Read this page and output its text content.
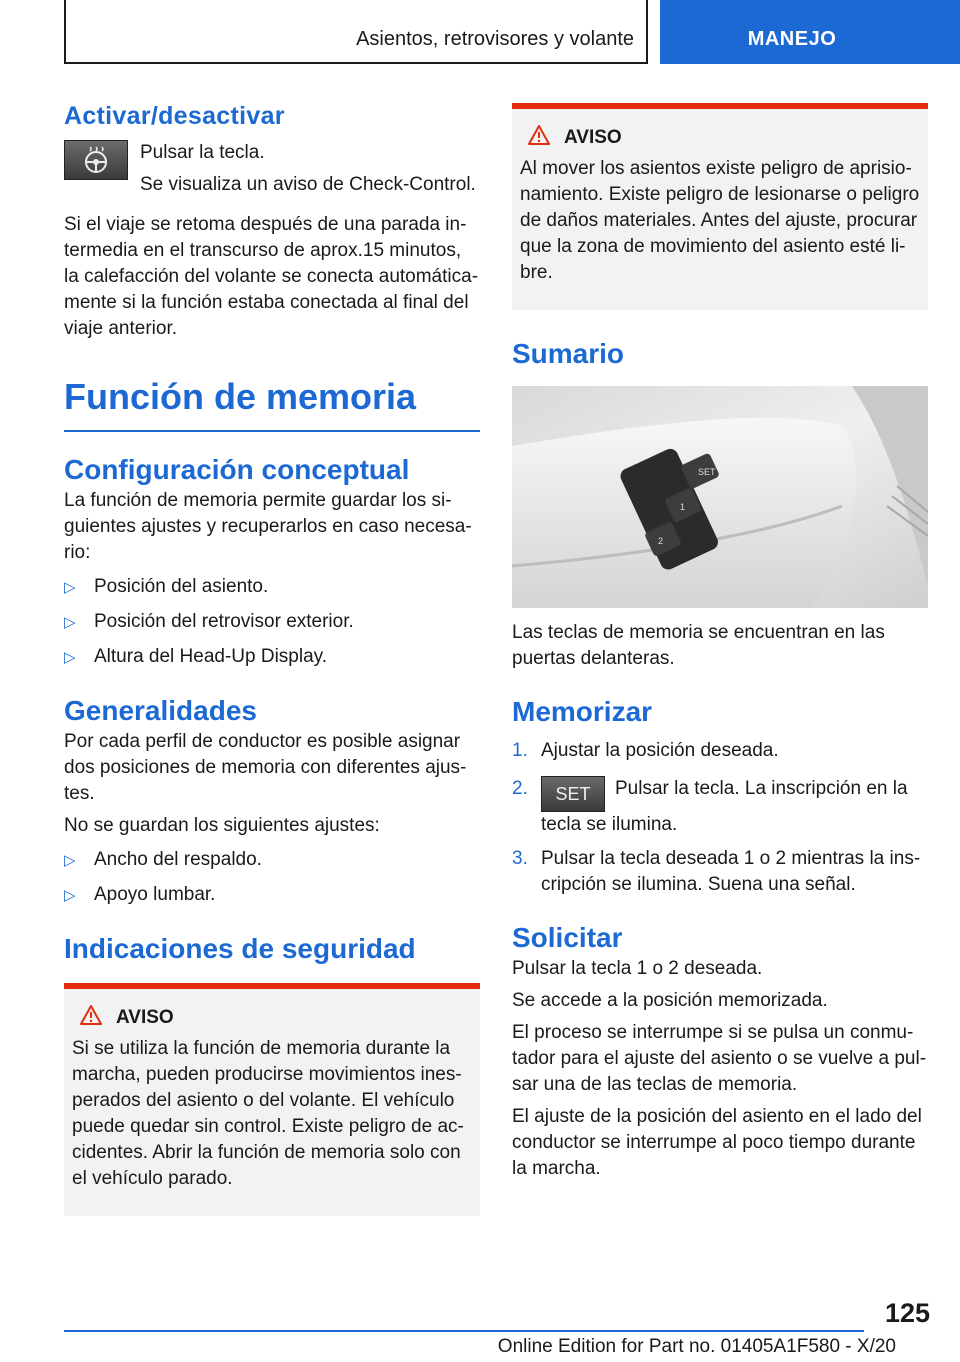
Asientos, retrovisores y volante	MANEJO
Activar/desactivar

Pulsar la tecla.

Se visualiza un aviso de Check-Control.

Si el viaje se retoma después de una parada in-termedia en el transcurso de aprox.15 minutos, la calefacción del volante se conecta automática-mente si la función estaba conectada al final del viaje anterior.

Función de memoria
Configuración conceptual

La función de memoria permite guardar los si-guientes ajustes y recuperarlos en caso necesa-rio:

▷ Posición del asiento.
▷ Posición del retrovisor exterior.
▷ Altura del Head-Up Display.
Generalidades

Por cada perfil de conductor es posible asignar dos posiciones de memoria con diferentes ajus-tes.

No se guardan los siguientes ajustes:

▷ Ancho del respaldo.
▷ Apoyo lumbar.
Indicaciones de seguridad
AVISO

Si se utiliza la función de memoria durante la marcha, pueden producirse movimientos ines-perados del asiento o del volante. El vehículo puede quedar sin control. Existe peligro de ac-cidentes. Abrir la función de memoria solo con el vehículo parado.

AVISO

Al mover los asientos existe peligro de aprisio-namiento. Existe peligro de lesionarse o peligro de daños materiales. Antes del ajuste, procurar que la zona de movimiento del asiento esté li-bre.

Sumario
SET
1
2

Las teclas de memoria se encuentran en las puertas delanteras.

Memorizar
1. Ajustar la posición deseada.
2.	SET Pulsar la tecla. La inscripción en la tecla se ilumina.
3. Pulsar la tecla deseada 1 o 2 mientras la ins-cripción se ilumina. Suena una señal.
Solicitar

Pulsar la tecla 1 o 2 deseada.

Se accede a la posición memorizada.

El proceso se interrumpe si se pulsa un conmu-tador para el ajuste del asiento o se vuelve a pul-sar una de las teclas de memoria.

El ajuste de la posición del asiento en el lado del conductor se interrumpe al poco tiempo durante la marcha.

125
Online Edition for Part no. 01405A1F580 - X/20
